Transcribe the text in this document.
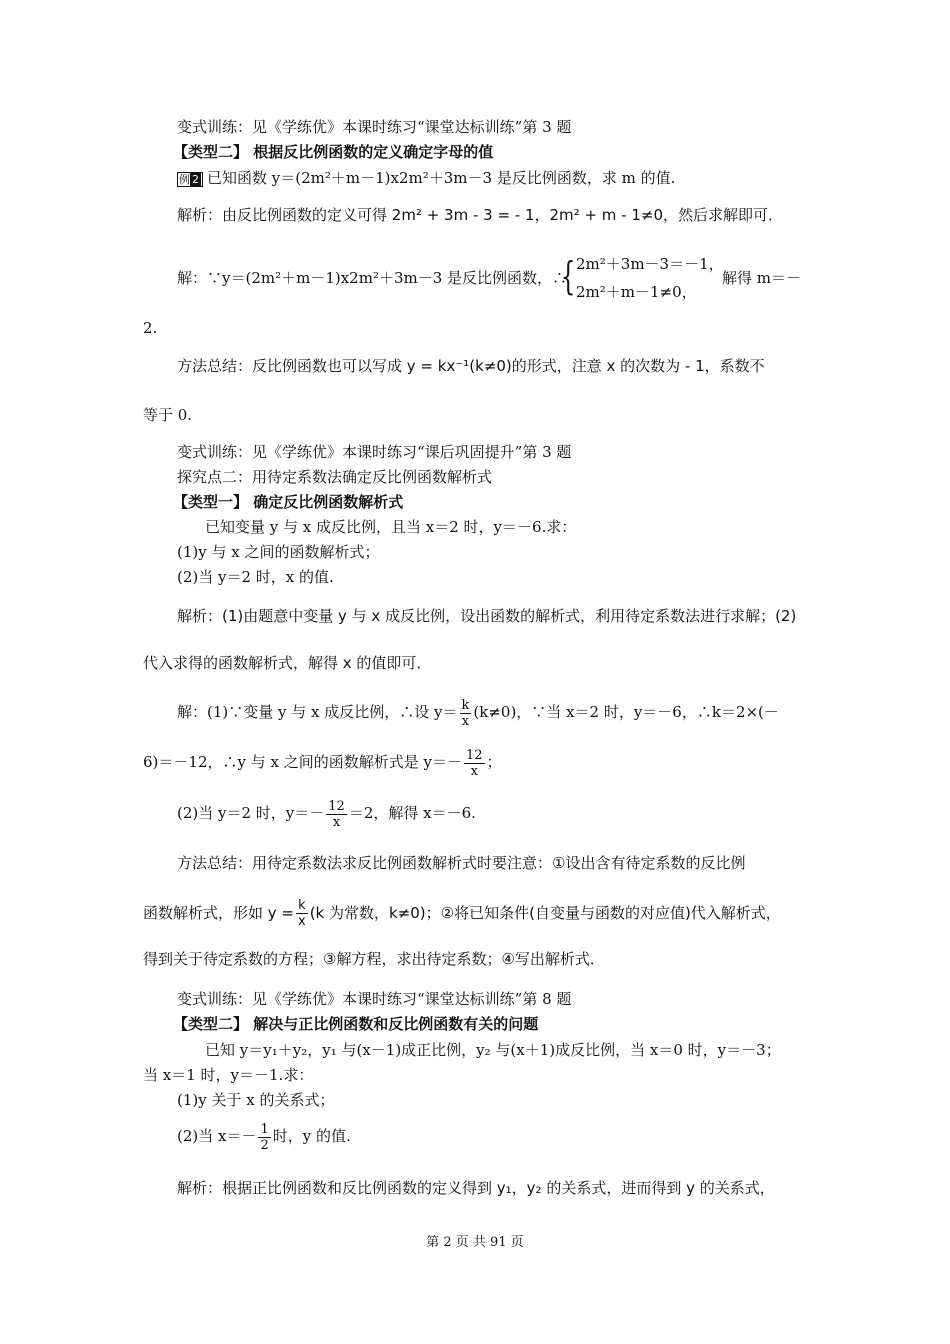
变式训练：见《学练优》本课时练习“课堂达标训练”第 3 题
【类型二】 根据反比例函数的定义确定字母的值
例 2 已知函数 y＝(2m²＋m－1)x2m²＋3m－3 是反比例函数，求 m 的值.
解析：由反比例函数的定义可得 2m² + 3m - 3 = - 1，2m² + m - 1≠0，然后求解即可．
解：∵y＝(2m²＋m－1)x2m²＋3m－3 是反比例函数，∴
{ 2m²＋3m－3＝－1，
2m²＋m－1≠0，
解得 m＝－
2.
方法总结：反比例函数也可以写成 y = kx⁻¹(k≠0)的形式，注意 x 的次数为 - 1，系数不
等于 0.
变式训练：见《学练优》本课时练习“课后巩固提升”第 3 题
探究点二：用待定系数法确定反比例函数解析式
【类型一】 确定反比例函数解析式
已知变量 y 与 x 成反比例，且当 x＝2 时，y＝－6.求：
(1)y 与 x 之间的函数解析式；
(2)当 y＝2 时，x 的值.
解析：(1)由题意中变量 y 与 x 成反比例，设出函数的解析式，利用待定系数法进行求解；(2)
代入求得的函数解析式，解得 x 的值即可．
解：(1)∵变量 y 与 x 成反比例，∴设 $y= \frac{k}{x} (k\ne 0)$，∵当 x＝2 时，y＝－6，∴k＝2×(－
6)＝－12，∴y 与 x 之间的函数解析式是 $y=- \frac{12}{x}$ ；
(2)当 y＝2 时，$y=- \frac{12}{x} =2$，解得 x＝－6.
方法总结：用待定系数法求反比例函数解析式时要注意：①设出含有待定系数的反比例
函数解析式，形如 $y = \frac{k}{x} (k$ 为常数，k≠0)；②将已知条件(自变量与函数的对应值)代入解析式，
得到关于待定系数的方程；③解方程，求出待定系数；④写出解析式．
变式训练：见《学练优》本课时练习“课堂达标训练”第 8 题
【类型二】 解决与正比例函数和反比例函数有关的问题
已知 y＝y₁＋y₂，y₁ 与(x－1)成正比例，y₂ 与(x＋1)成反比例，当 x＝0 时，y＝－3；
当 x＝1 时，y＝－1.求：
(1)y 关于 x 的关系式；
(2)当 $x=- \frac{1}{2}$ 时，y 的值.
解析：根据正比例函数和反比例函数的定义得到 y₁，y₂ 的关系式，进而得到 y 的关系式，
第 2 页 共 91 页
